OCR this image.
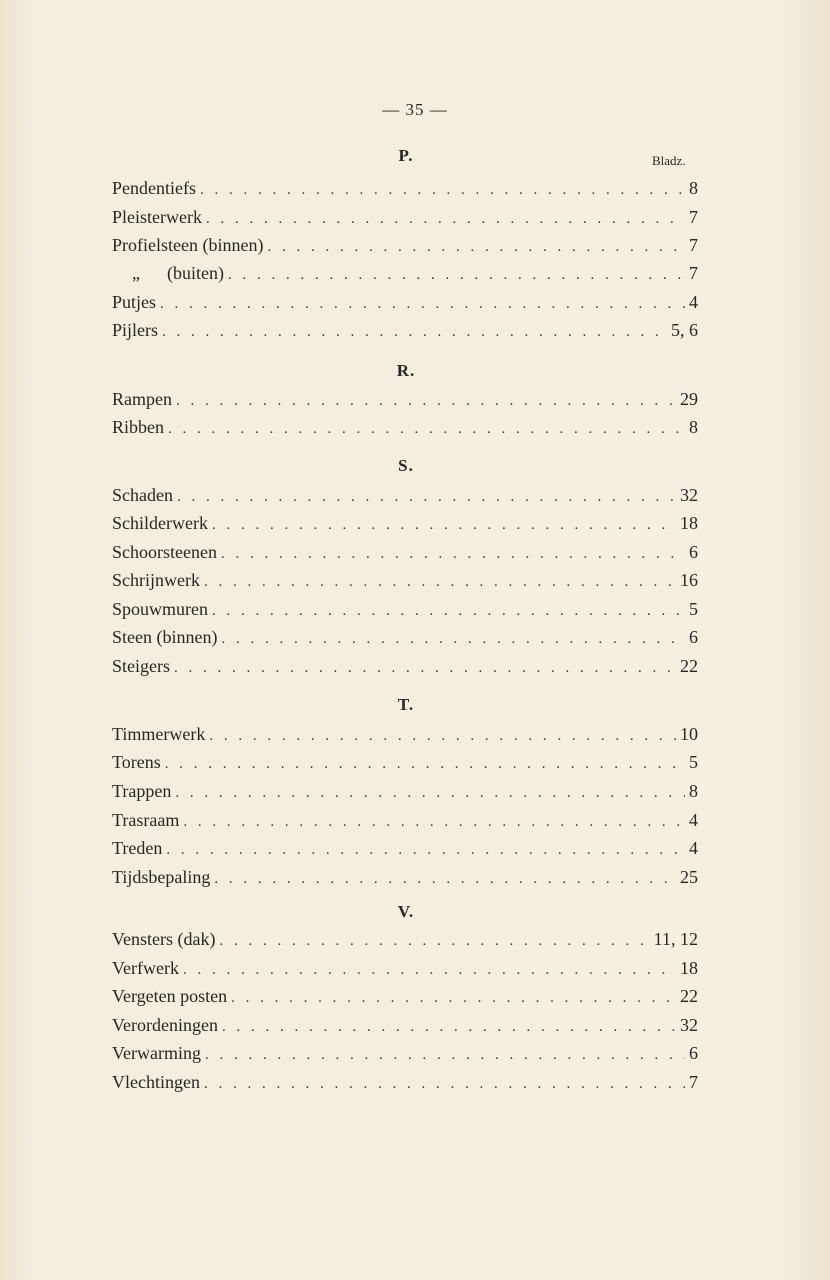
— 35 —
Bladz.
P.
Pendentiefs . . .	8
Pleisterwerk . . .	7
Profielsteen (binnen) . . .	7
„      (buiten) . . .	7
Putjes . . .	4
Pijlers . . .	5, 6
R.
Rampen . . .	29
Ribben . . .	8
S.
Schaden . . .	32
Schilderwerk . . .	18
Schoorsteenen . . .	6
Schrijnwerk . . .	16
Spouwmuren . . .	5
Steen (binnen) . . .	6
Steigers . . .	22
T.
Timmerwerk . . .	10
Torens . . .	5
Trappen . . .	8
Trasraam . . .	4
Treden . . .	4
Tijdsbepaling . . .	25
V.
Vensters (dak) . . .	11, 12
Verfwerk . . .	18
Vergeten posten . . .	22
Verordeningen . . .	32
Verwarming . . .	6
Vlechtingen . . .	7
